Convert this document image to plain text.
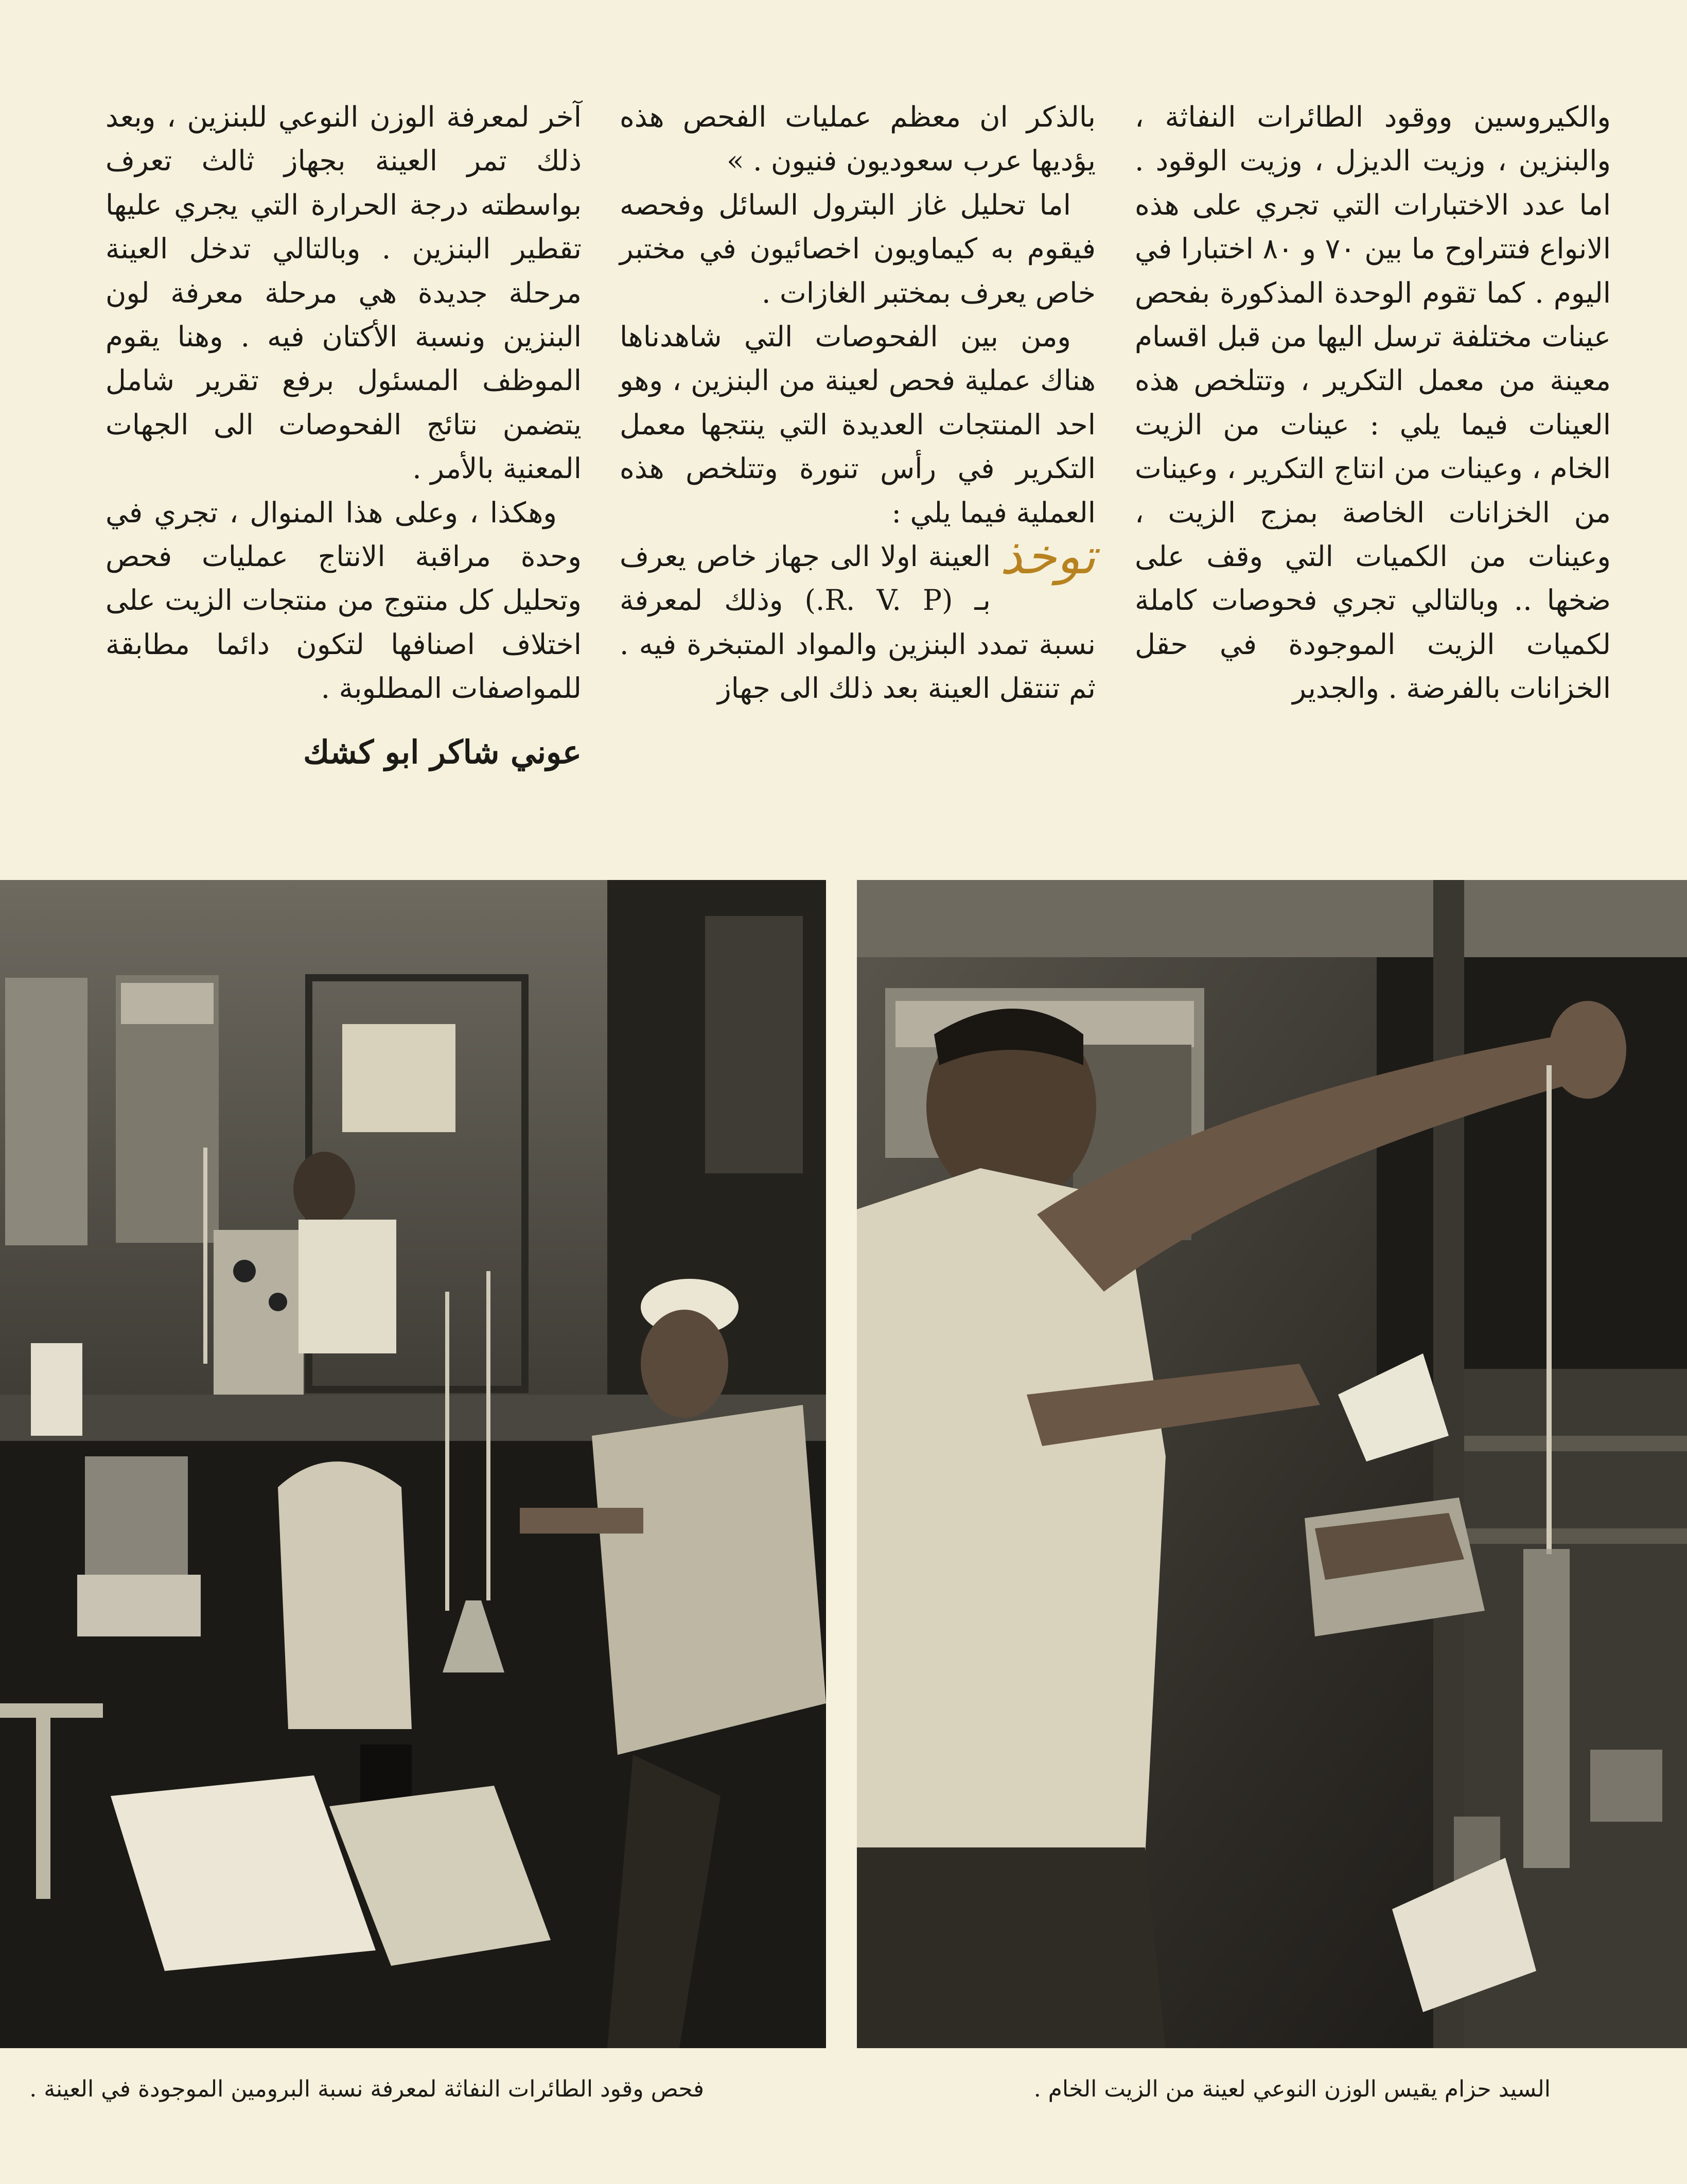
والكيروسين ووقود الطائرات النفاثة ، والبنزين ، وزيت الديزل ، وزيت الوقود . اما عدد الاختبارات التي تجري على هذه الانواع فتتراوح ما بين ٧٠ و ٨٠ اختبارا في اليوم . كما تقوم الوحدة المذكورة بفحص عينات مختلفة ترسل اليها من قبل اقسام معينة من معمل التكرير ، وتتلخص هذه العينات فيما يلي : عينات من الزيت الخام ، وعينات من انتاج التكرير ، وعينات من الخزانات الخاصة بمزج الزيت ، وعينات من الكميات التي وقف على ضخها .. وبالتالي تجري فحوصات كاملة لكميات الزيت الموجودة في حقل الخزانات بالفرضة . والجدير

بالذكر ان معظم عمليات الفحص هذه يؤديها عرب سعوديون فنيون . »

اما تحليل غاز البترول السائل وفحصه فيقوم به كيماويون اخصائيون في مختبر خاص يعرف بمختبر الغازات .

ومن بين الفحوصات التي شاهدناها هناك عملية فحص لعينة من البنزين ، وهو احد المنتجات العديدة التي ينتجها معمل التكرير في رأس تنورة وتتلخص هذه العملية فيما يلي :

توخذ
العينة اولا الى جهاز خاص يعرف بـ (R. V. P.) وذلك لمعرفة نسبة تمدد البنزين والمواد المتبخرة فيه . ثم تنتقل العينة بعد ذلك الى جهاز

آخر لمعرفة الوزن النوعي للبنزين ، وبعد ذلك تمر العينة بجهاز ثالث تعرف بواسطته درجة الحرارة التي يجري عليها تقطير البنزين . وبالتالي تدخل العينة مرحلة جديدة هي مرحلة معرفة لون البنزين ونسبة الأكتان فيه . وهنا يقوم الموظف المسئول برفع تقرير شامل يتضمن نتائج الفحوصات الى الجهات المعنية بالأمر .

وهكذا ، وعلى هذا المنوال ، تجري في وحدة مراقبة الانتاج عمليات فحص وتحليل كل منتوج من منتجات الزيت على اختلاف اصنافها لتكون دائما مطابقة للمواصفات المطلوبة .

عوني شاكر ابو كشك

فحص وقود الطائرات النفاثة لمعرفة نسبة البرومين الموجودة في العينة .	السيد حزام يقيس الوزن النوعي لعينة من الزيت الخام .
